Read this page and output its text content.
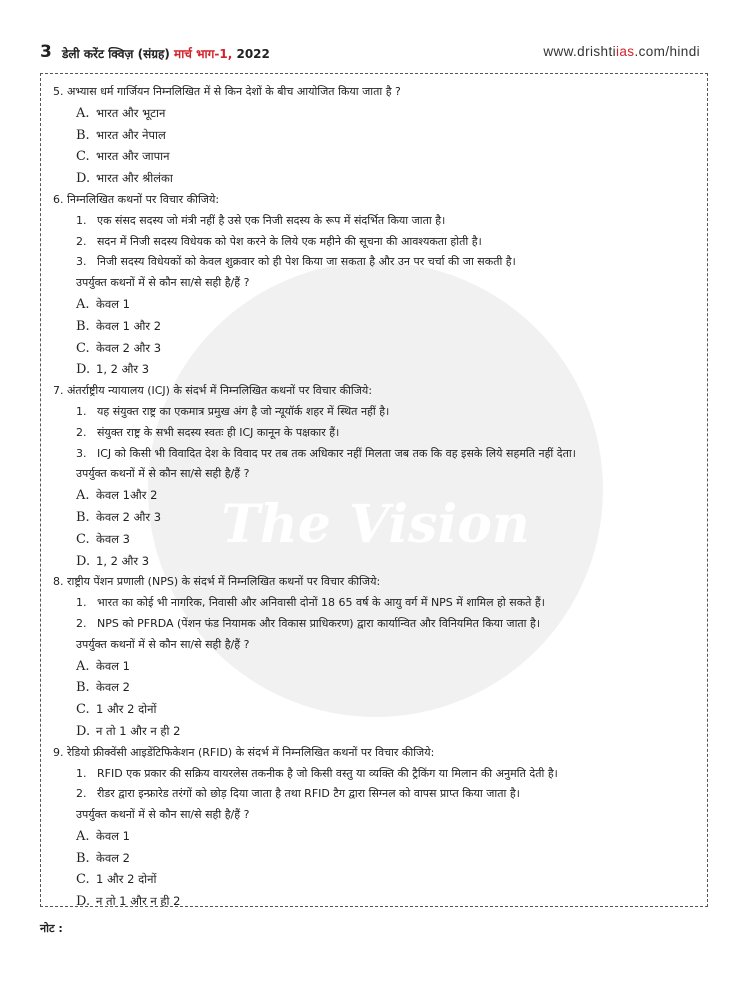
3 डेली करेंट क्विज़ (संग्रह) मार्च भाग-1, 2022	www.drishtiias.com/hindi
The Vision

5. अभ्यास धर्म गार्जियन निम्नलिखित में से किन देशों के बीच आयोजित किया जाता है ?

A. भारत और भूटान

B. भारत और नेपाल

C. भारत और जापान

D. भारत और श्रीलंका

6. निम्नलिखित कथनों पर विचार कीजिये:

1. एक संसद सदस्य जो मंत्री नहीं है उसे एक निजी सदस्य के रूप में संदर्भित किया जाता है।

2. सदन में निजी सदस्य विधेयक को पेश करने के लिये एक महीने की सूचना की आवश्यकता होती है।

3. निजी सदस्य विधेयकों को केवल शुक्रवार को ही पेश किया जा सकता है और उन पर चर्चा की जा सकती है।

उपर्युक्त कथनों में से कौन सा/से सही है/हैं ?

A. केवल 1

B. केवल 1 और 2

C. केवल 2 और 3

D. 1, 2 और 3

7. अंतर्राष्ट्रीय न्यायालय (ICJ) के संदर्भ में निम्नलिखित कथनों पर विचार कीजिये:

1. यह संयुक्त राष्ट्र का एकमात्र प्रमुख अंग है जो न्यूयॉर्क शहर में स्थित नहीं है।

2. संयुक्त राष्ट्र के सभी सदस्य स्वतः ही ICJ कानून के पक्षकार हैं।

3. ICJ को किसी भी विवादित देश के विवाद पर तब तक अधिकार नहीं मिलता जब तक कि वह इसके लिये सहमति नहीं देता।

उपर्युक्त कथनों में से कौन सा/से सही है/हैं ?

A. केवल 1और 2

B. केवल 2 और 3

C. केवल 3

D. 1, 2 और 3

8. राष्ट्रीय पेंशन प्रणाली (NPS) के संदर्भ में निम्नलिखित कथनों पर विचार कीजिये:

1. भारत का कोई भी नागरिक, निवासी और अनिवासी दोनों 18 65 वर्ष के आयु वर्ग में NPS में शामिल हो सकते हैं।

2. NPS को PFRDA (पेंशन फंड नियामक और विकास प्राधिकरण) द्वारा कार्यान्वित और विनियमित किया जाता है।

उपर्युक्त कथनों में से कौन सा/से सही है/हैं ?

A. केवल 1

B. केवल 2

C. 1 और 2 दोनों

D. न तो 1 और न ही 2

9. रेडियो फ्रीक्वेंसी आइडेंटिफिकेशन (RFID) के संदर्भ में निम्नलिखित कथनों पर विचार कीजिये:

1. RFID एक प्रकार की सक्रिय वायरलेस तकनीक है जो किसी वस्तु या व्यक्ति की ट्रैकिंग या मिलान की अनुमति देती है।

2. रीडर द्वारा इन्फ्रारेड तरंगों को छोड़ दिया जाता है तथा RFID टैग द्वारा सिग्नल को वापस प्राप्त किया जाता है।

उपर्युक्त कथनों में से कौन सा/से सही है/हैं ?

A. केवल 1

B. केवल 2

C. 1 और 2 दोनों

D. न तो 1 और न ही 2

नोट :
